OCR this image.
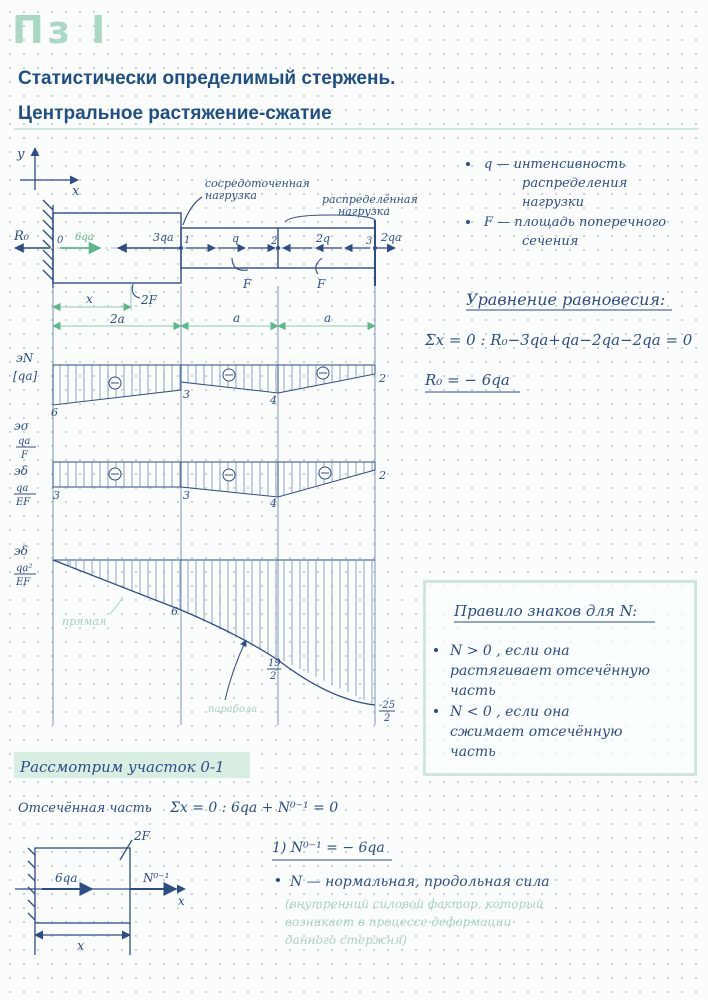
Пз I
Статистически определимый стержень.
Центральное растяжение-сжатие
y
x
сосредоточенная
нагрузка	распределённая
нагрузка
R₀	0 6qa	3qa 1	q	2	2q	3 2qa
F	F
2F
x
2a	a	a
эN
[qa]
6
3	4
2
эσ
qa
F
эδ
qa
EF
3	3
4
2
эδ
qa²
EF
6
19
2
-25
2
прямая
парабола
q — интенсивность
распределения
нагрузки
F — площадь поперечного
сечения
Уравнение равновесия:
Σx = 0 : R₀−3qa+qa−2qa−2qa = 0
R₀ = − 6qa
Правило знаков для N:
N > 0 , если она
растягивает отсечённую
часть
N < 0 , если она
сжимает отсечённую
часть
Рассмотрим участок 0-1
Отсечённая часть Σx = 0 : 6qa + N⁰⁻¹ = 0
1) N⁰⁻¹ = − 6qa
2F
6qa	N⁰⁻¹
x
x
N — нормальная, продольная сила
(внутренний силовой фактор, который
возникает в процессе деформации
данного стержня)
